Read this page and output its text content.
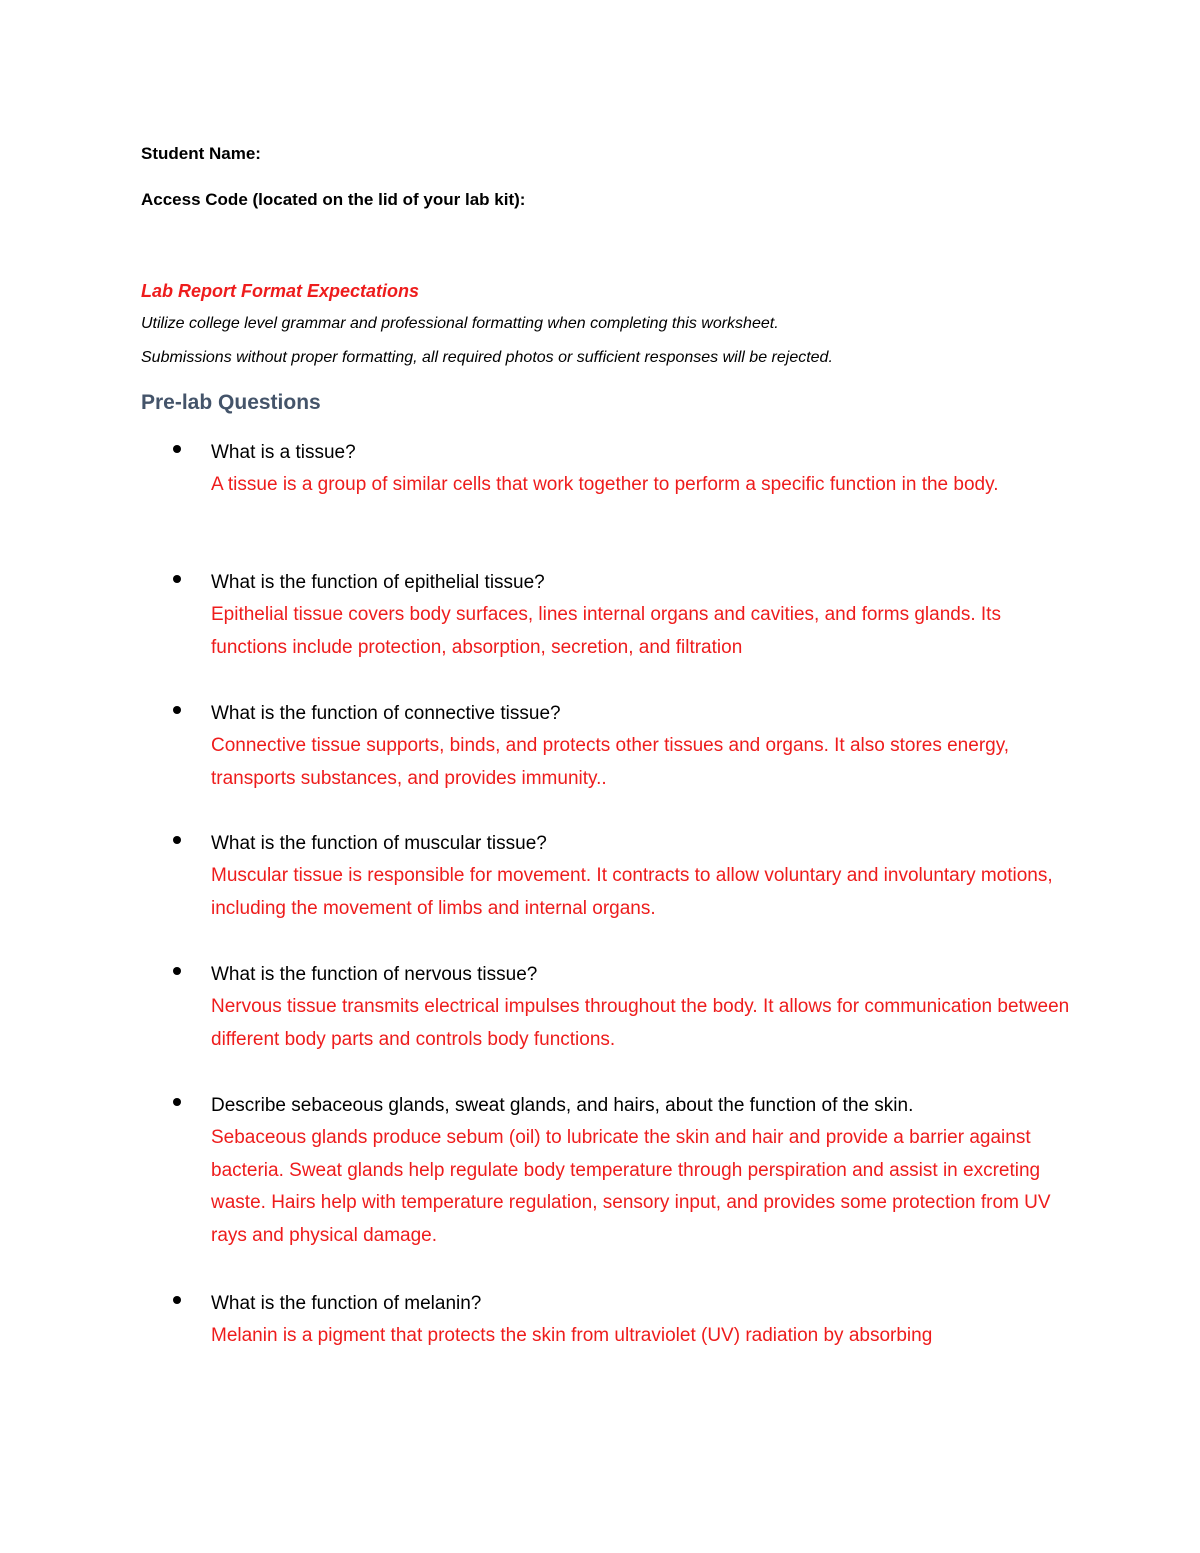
Student Name:
Access Code (located on the lid of your lab kit):
Lab Report Format Expectations
Utilize college level grammar and professional formatting when completing this worksheet.
Submissions without proper formatting, all required photos or sufficient responses will be rejected.
Pre-lab Questions
What is a tissue?
A tissue is a group of similar cells that work together to perform a specific function in the body.
What is the function of epithelial tissue?
Epithelial tissue covers body surfaces, lines internal organs and cavities, and forms glands. Its functions include protection, absorption, secretion, and filtration
What is the function of connective tissue?
Connective tissue supports, binds, and protects other tissues and organs. It also stores energy, transports substances, and provides immunity..
What is the function of muscular tissue?
Muscular tissue is responsible for movement. It contracts to allow voluntary and involuntary motions, including the movement of limbs and internal organs.
What is the function of nervous tissue?
Nervous tissue transmits electrical impulses throughout the body. It allows for communication between different body parts and controls body functions.
Describe sebaceous glands, sweat glands, and hairs, about the function of the skin.
Sebaceous glands produce sebum (oil) to lubricate the skin and hair and provide a barrier against bacteria. Sweat glands help regulate body temperature through perspiration and assist in excreting waste. Hairs help with temperature regulation, sensory input, and provides some protection from UV rays and physical damage.
What is the function of melanin?
Melanin is a pigment that protects the skin from ultraviolet (UV) radiation by absorbing
